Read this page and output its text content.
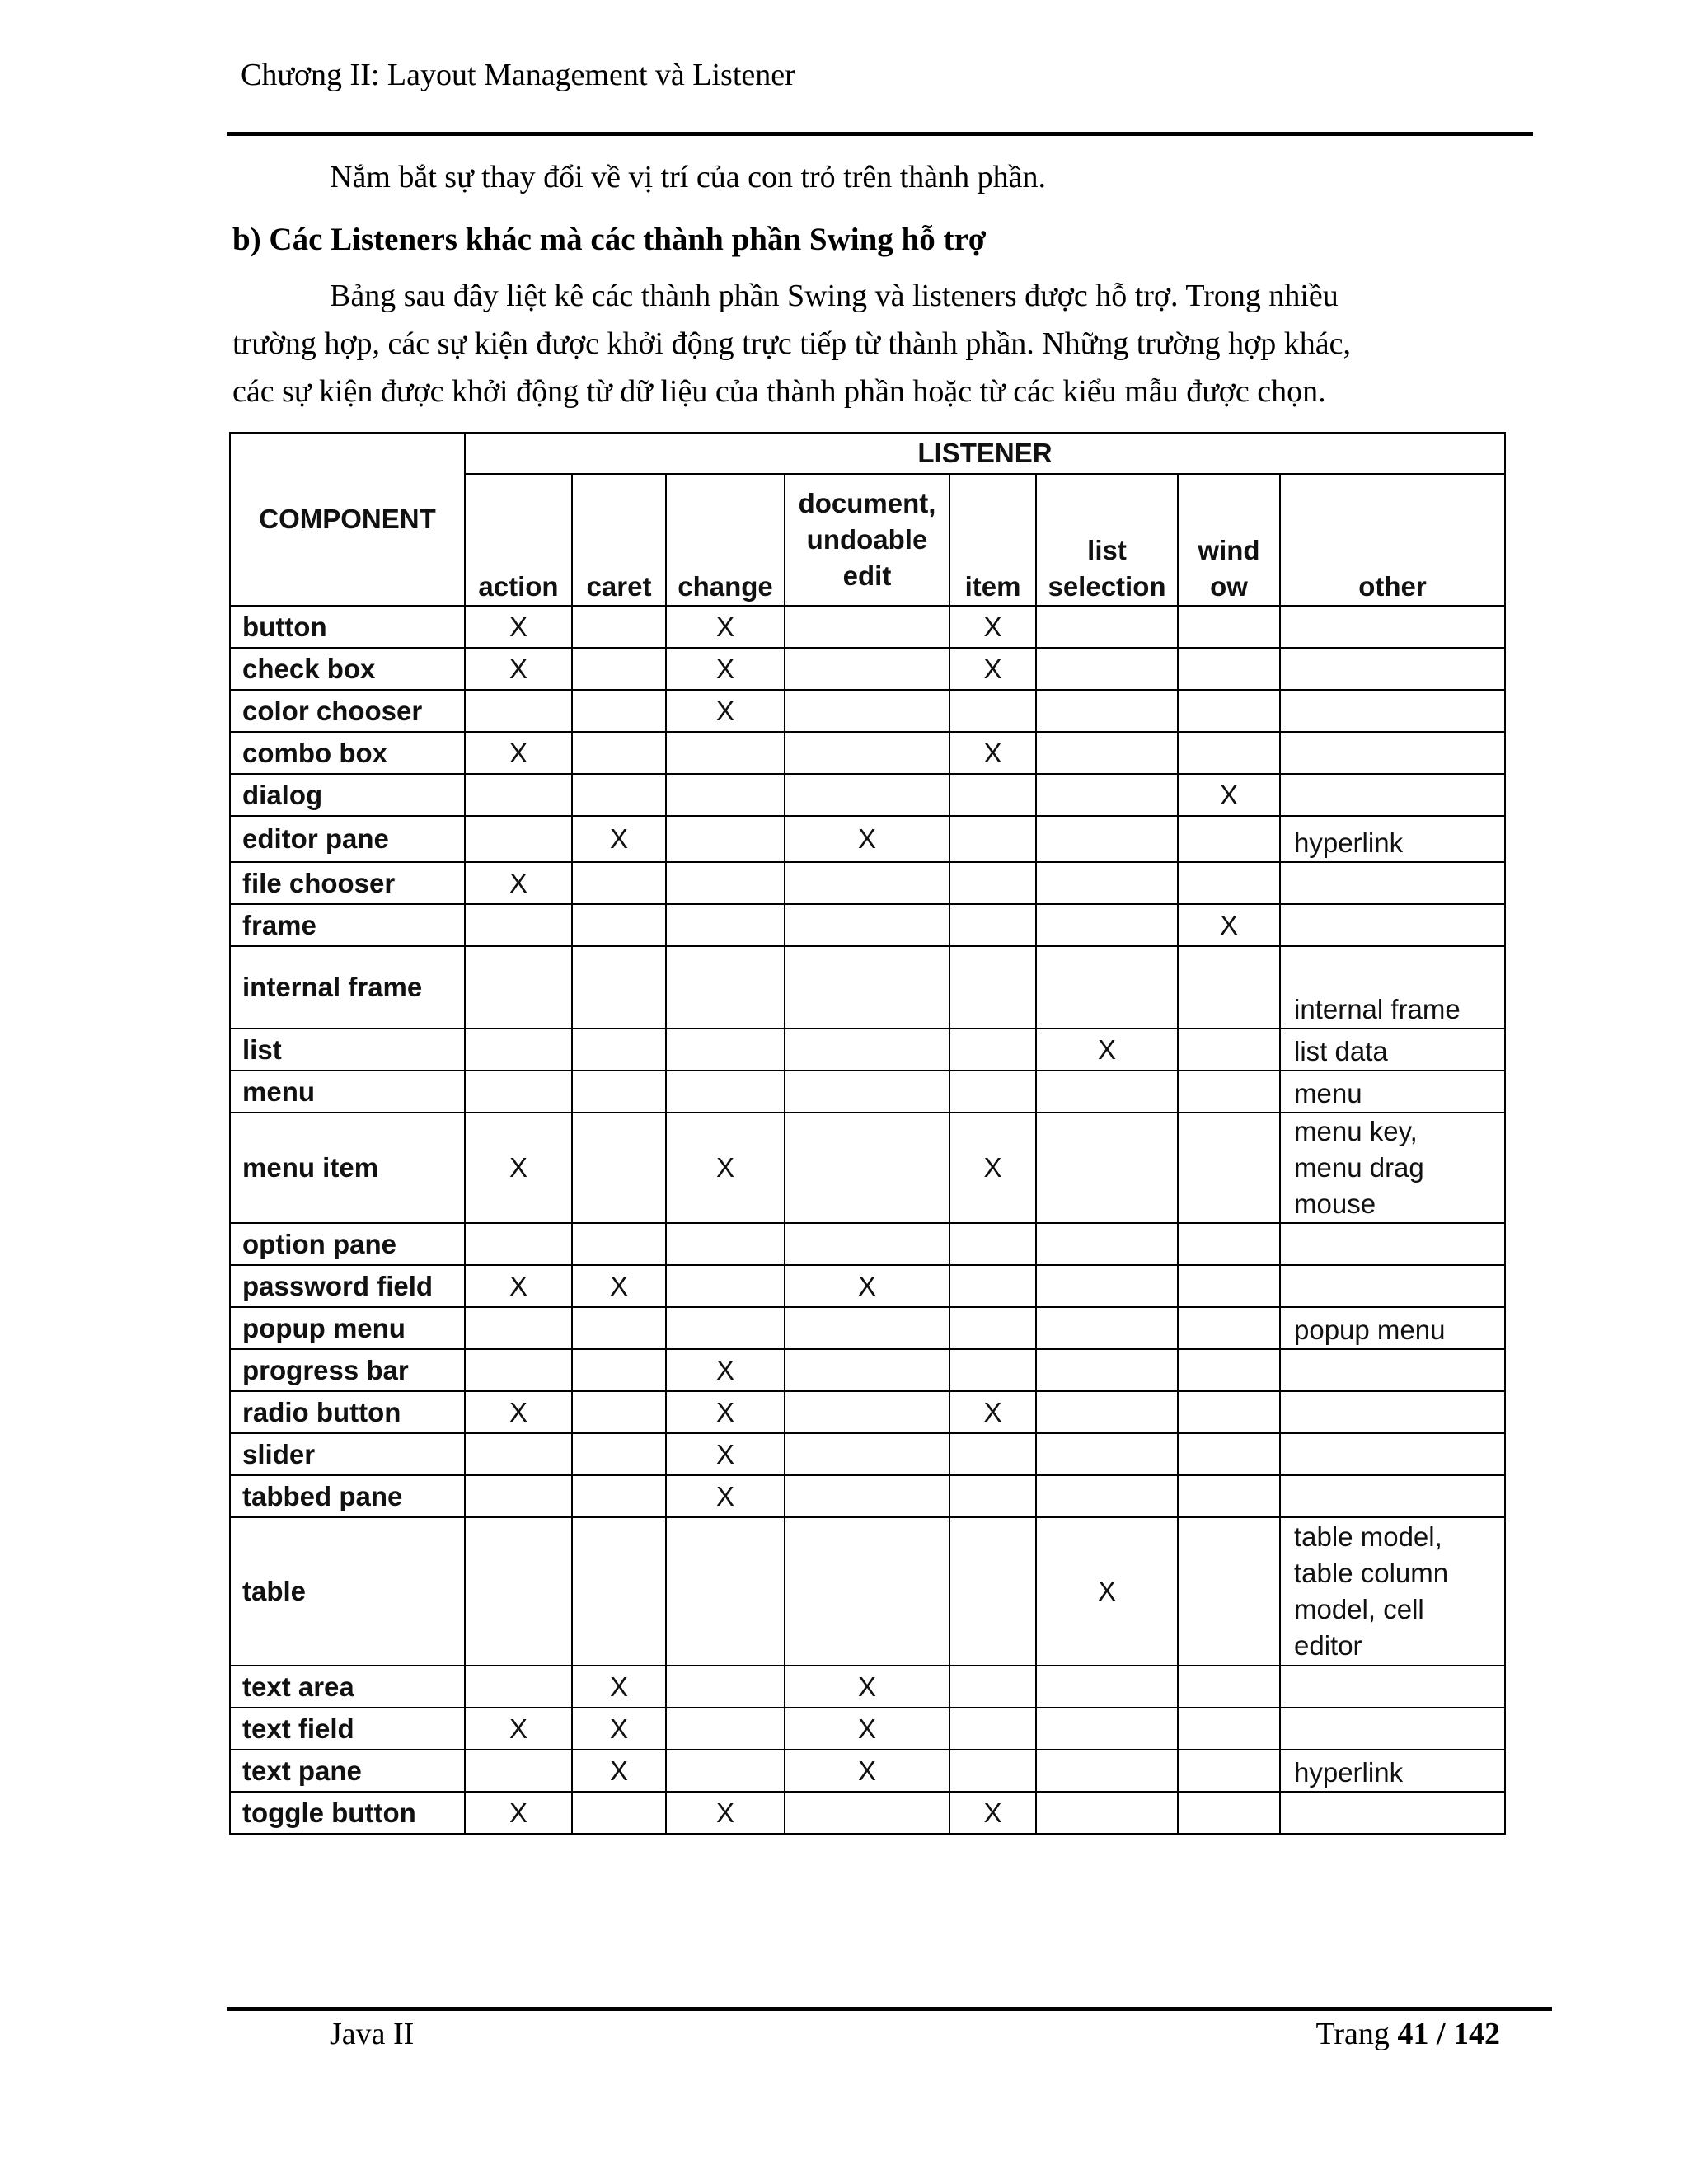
Chương II: Layout Management và Listener
Nắm bắt sự thay đổi về vị trí của con trỏ trên thành phần.
b) Các Listeners khác mà các thành phần Swing hỗ trợ
Bảng sau đây liệt kê các thành phần Swing và listeners được hỗ trợ. Trong nhiều
trường hợp, các sự kiện được khởi động trực tiếp từ thành phần. Những trường hợp khác,
các sự kiện được khởi động từ dữ liệu của thành phần hoặc từ các kiểu mẫu được chọn.
COMPONENT	LISTENER							
	action	caret	change	document, undoable edit	item	list selection	wind ow	other
button	X		X		X			
check box	X		X		X			
color chooser			X					
combo box	X				X			
dialog							X	
editor pane		X		X				hyperlink
file chooser	X							
frame							X	
internal frame								internal frame
list						X		list data
menu								menu
menu item	X		X		X			menu key,
menu drag
mouse
option pane								
password field	X	X		X				
popup menu								popup menu
progress bar			X					
radio button	X		X		X			
slider			X					
tabbed pane			X					
table						X		table model,
table column
model, cell
editor
text area		X		X				
text field	X	X		X				
text pane		X		X				hyperlink
toggle button	X		X		X			
Java II	Trang 41 / 142
